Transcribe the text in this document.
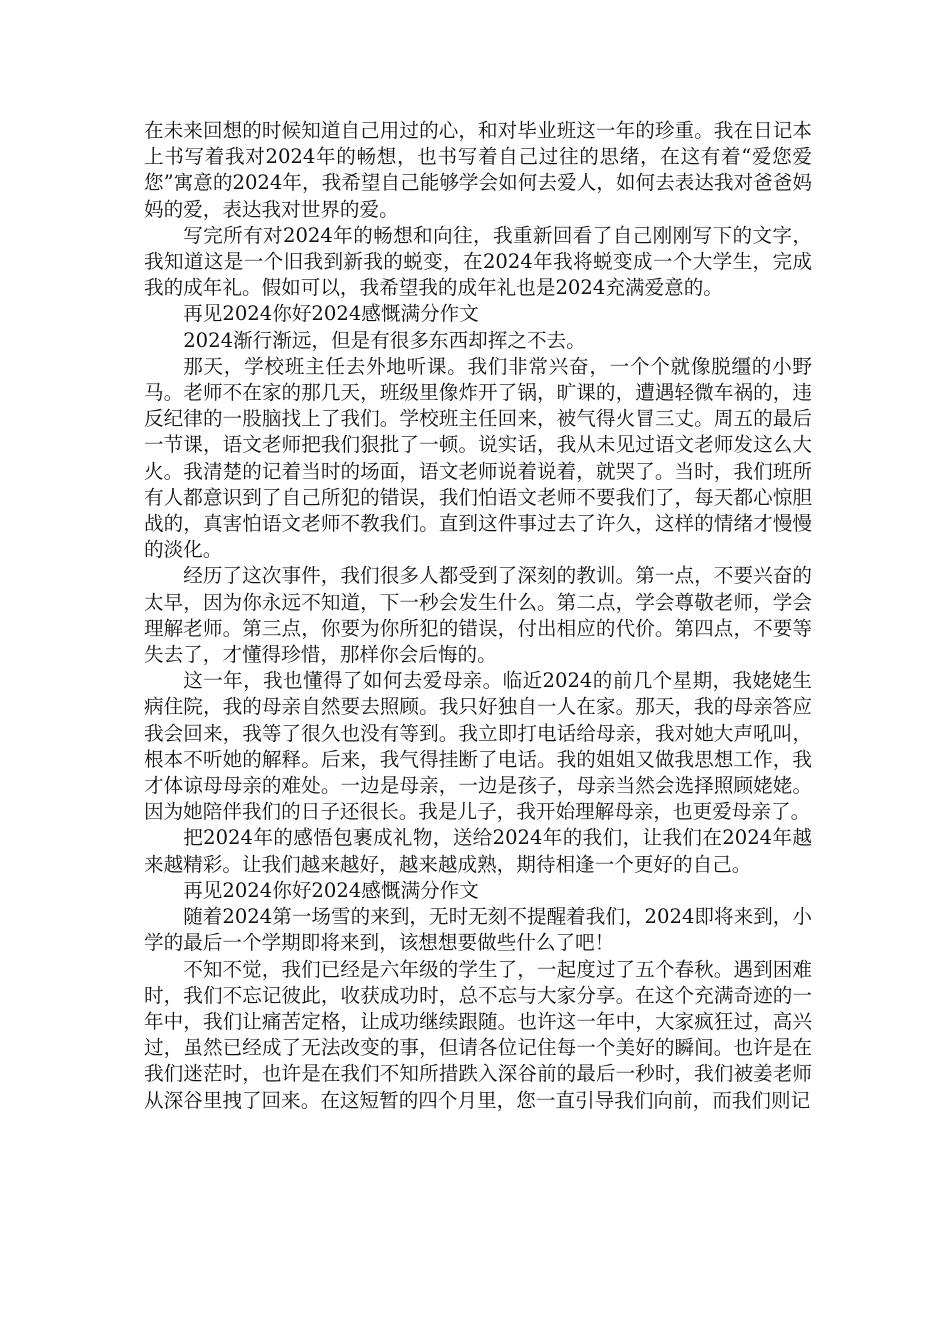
在未来回想的时候知道自己用过的心，和对毕业班这一年的珍重。我在日记本上书写着我对2024年的畅想，也书写着自己过往的思绪，在这有着“爱您爱您”寓意的2024年，我希望自己能够学会如何去爱人，如何去表达我对爸爸妈妈的爱，表达我对世界的爱。

写完所有对2024年的畅想和向往，我重新回看了自己刚刚写下的文字，我知道这是一个旧我到新我的蜕变，在2024年我将蜕变成一个大学生，完成我的成年礼。假如可以，我希望我的成年礼也是2024充满爱意的。

再见2024你好2024感慨满分作文

2024渐行渐远，但是有很多东西却挥之不去。

那天，学校班主任去外地听课。我们非常兴奋，一个个就像脱缰的小野马。老师不在家的那几天，班级里像炸开了锅，旷课的，遭遇轻微车祸的，违反纪律的一股脑找上了我们。学校班主任回来，被气得火冒三丈。周五的最后一节课，语文老师把我们狠批了一顿。说实话，我从未见过语文老师发这么大火。我清楚的记着当时的场面，语文老师说着说着，就哭了。当时，我们班所有人都意识到了自己所犯的错误，我们怕语文老师不要我们了，每天都心惊胆战的，真害怕语文老师不教我们。直到这件事过去了许久，这样的情绪才慢慢的淡化。

经历了这次事件，我们很多人都受到了深刻的教训。第一点，不要兴奋的太早，因为你永远不知道，下一秒会发生什么。第二点，学会尊敬老师，学会理解老师。第三点，你要为你所犯的错误，付出相应的代价。第四点，不要等失去了，才懂得珍惜，那样你会后悔的。

这一年，我也懂得了如何去爱母亲。临近2024的前几个星期，我姥姥生病住院，我的母亲自然要去照顾。我只好独自一人在家。那天，我的母亲答应我会回来，我等了很久也没有等到。我立即打电话给母亲，我对她大声吼叫，根本不听她的解释。后来，我气得挂断了电话。我的姐姐又做我思想工作，我才体谅母母亲的难处。一边是母亲，一边是孩子，母亲当然会选择照顾姥姥。因为她陪伴我们的日子还很长。我是儿子，我开始理解母亲，也更爱母亲了。

把2024年的感悟包裹成礼物，送给2024年的我们，让我们在2024年越来越精彩。让我们越来越好，越来越成熟，期待相逢一个更好的自己。

再见2024你好2024感慨满分作文

随着2024第一场雪的来到，无时无刻不提醒着我们，2024即将来到，小学的最后一个学期即将来到，该想想要做些什么了吧！

不知不觉，我们已经是六年级的学生了，一起度过了五个春秋。遇到困难时，我们不忘记彼此，收获成功时，总不忘与大家分享。在这个充满奇迹的一年中，我们让痛苦定格，让成功继续跟随。也许这一年中，大家疯狂过，高兴过，虽然已经成了无法改变的事，但请各位记住每一个美好的瞬间。也许是在我们迷茫时，也许是在我们不知所措跌入深谷前的最后一秒时，我们被姜老师从深谷里拽了回来。在这短暂的四个月里，您一直引导我们向前，而我们则记
